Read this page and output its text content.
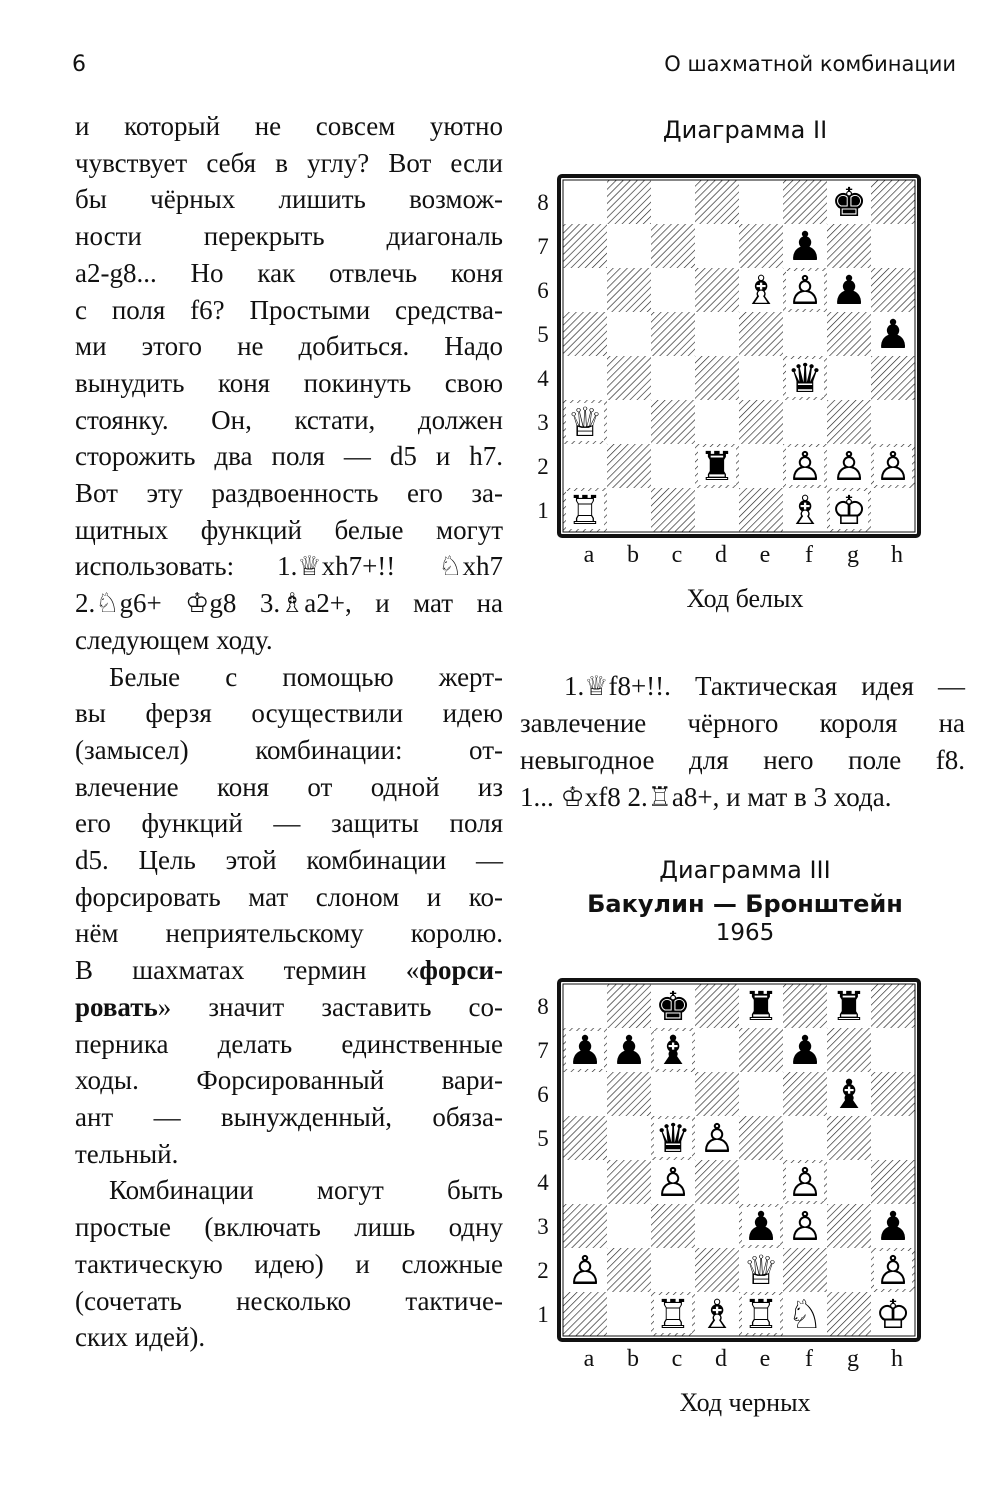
6	О шахматной комбинации

и который не совсем уютно

чувствует себя в углу? Вот если

бы чёрных лишить возмож-

ности перекрыть диагональ

a2-g8... Но как отвлечь коня

с поля f6? Простыми средства-

ми этого не добиться. Надо

вынудить коня покинуть свою

стоянку. Он, кстати, должен

сторожить два поля — d5 и h7.

Вот эту раздвоенность его за-

щитных функций белые могут

использовать: 1.♕xh7+!! ♘xh7

2.♘g6+ ♔g8 3.♗a2+, и мат на

следующем ходу.

Белые с помощью жерт-

вы ферзя осуществили идею

(замысел) комбинации: от-

влечение коня от одной из

его функций — защиты поля

d5. Цель этой комбинации —

форсировать мат слоном и ко-

нём неприятельскому королю.

В шахматах термин «форси-

ровать» значит заставить со-

перника делать единственные

ходы. Форсированный вари-

ант — вынужденный, обяза-

тельный.

Комбинации могут быть

простые (включать лишь одну

тактическую идею) и сложные

(сочетать несколько тактиче-

ских идей).

Диаграмма II
8
7
6
5
4
3
2
1
♚
♟
♗ ♙ ♟
♟
♛
♕
♜ ♙ ♙ ♙
♖	♗ ♔
a	b	c	d	e	f	g	h
Ход белых

1.♕f8+!!. Тактическая идея —

завлечение чёрного короля на

невыгодное для него поле f8.

1... ♔xf8 2.♖a8+, и мат в 3 хода.

Диаграмма III
Бакулин — Бронштейн
1965
8
7
6
5
4
3
2
1
♚ ♜ ♜
♟ ♟ ♝ ♟
♝
♛ ♙
♙ ♙
♟ ♙ ♟
♙	♕ ♙
♖ ♗ ♖ ♘ ♔
a	b	c	d	e	f	g	h
Ход черных
